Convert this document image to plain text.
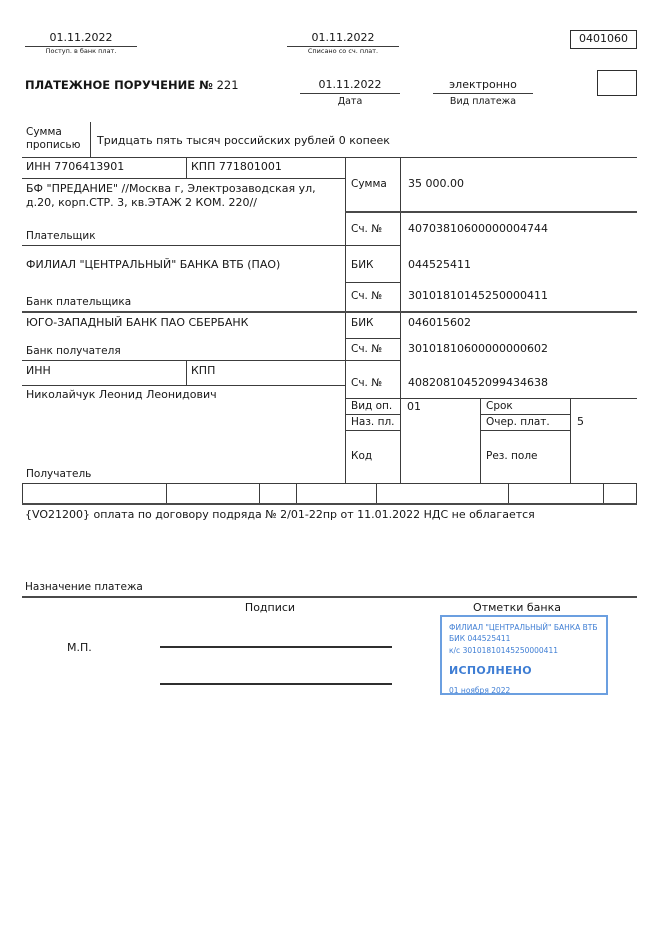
01.11.2022
Поступ. в банк плат.
01.11.2022
Списано со сч. плат.
0401060
ПЛАТЕЖНОЕ ПОРУЧЕНИЕ № 221	01.11.2022
Дата
электронно
Вид платежа
Сумма прописью	Тридцать пять тысяч российских рублей 0 копеек
ИНН 7706413901	КПП 771801001
БФ "ПРЕДАНИЕ" //Москва г, Электрозаводская ул, д.20, корп.СТР. 3, кв.ЭТАЖ 2 КОМ. 220//
Плательщик
Сумма 35 000.00
Сч. № 40703810600000004744
ФИЛИАЛ "ЦЕНТРАЛЬНЫЙ" БАНКА ВТБ (ПАО)
Банк плательщика
БИК	044525411
Сч. № 30101810145250000411
ЮГО-ЗАПАДНЫЙ БАНК ПАО СБЕРБАНК
Банк получателя
БИК	046015602
Сч. № 30101810600000000602
ИНН	КПП
Николайчук Леонид Леонидович
Получатель
Сч. № 40820810452099434638
Вид оп. 01	Срок
Наз. пл.	Очер. плат. 5
Код	Рез. поле
{VO21200} оплата по договору подряда № 2/01-22пр от 11.01.2022 НДС не облагается
Назначение платежа
Подписи	Отметки банка
М.П.
ФИЛИАЛ "ЦЕНТРАЛЬНЫЙ" БАНКА ВТБ
БИК 044525411
к/с 30101810145250000411
ИСПОЛНЕНО
01 ноября 2022
